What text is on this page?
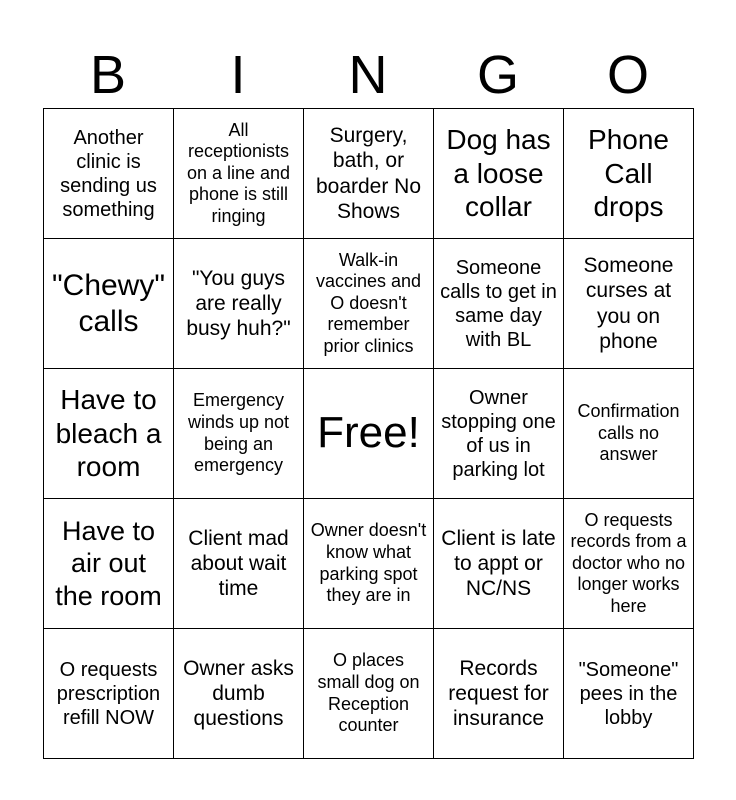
B	I	N	G	O
Another clinic is sending us something	All receptionists on a line and phone is still ringing	Surgery, bath, or boarder No Shows	Dog has a loose collar	Phone Call drops
"Chewy" calls	"You guys are really busy huh?"	Walk-in vaccines and O doesn't remember prior clinics	Someone calls to get in same day with BL	Someone curses at you on phone
Have to bleach a room	Emergency winds up not being an emergency	Free!	Owner stopping one of us in parking lot	Confirmation calls no answer
Have to air out the room	Client mad about wait time	Owner doesn't know what parking spot they are in	Client is late to appt or NC/NS	O requests records from a doctor who no longer works here
O requests prescription refill NOW	Owner asks dumb questions	O places small dog on Reception counter	Records request for insurance	"Someone" pees in the lobby
